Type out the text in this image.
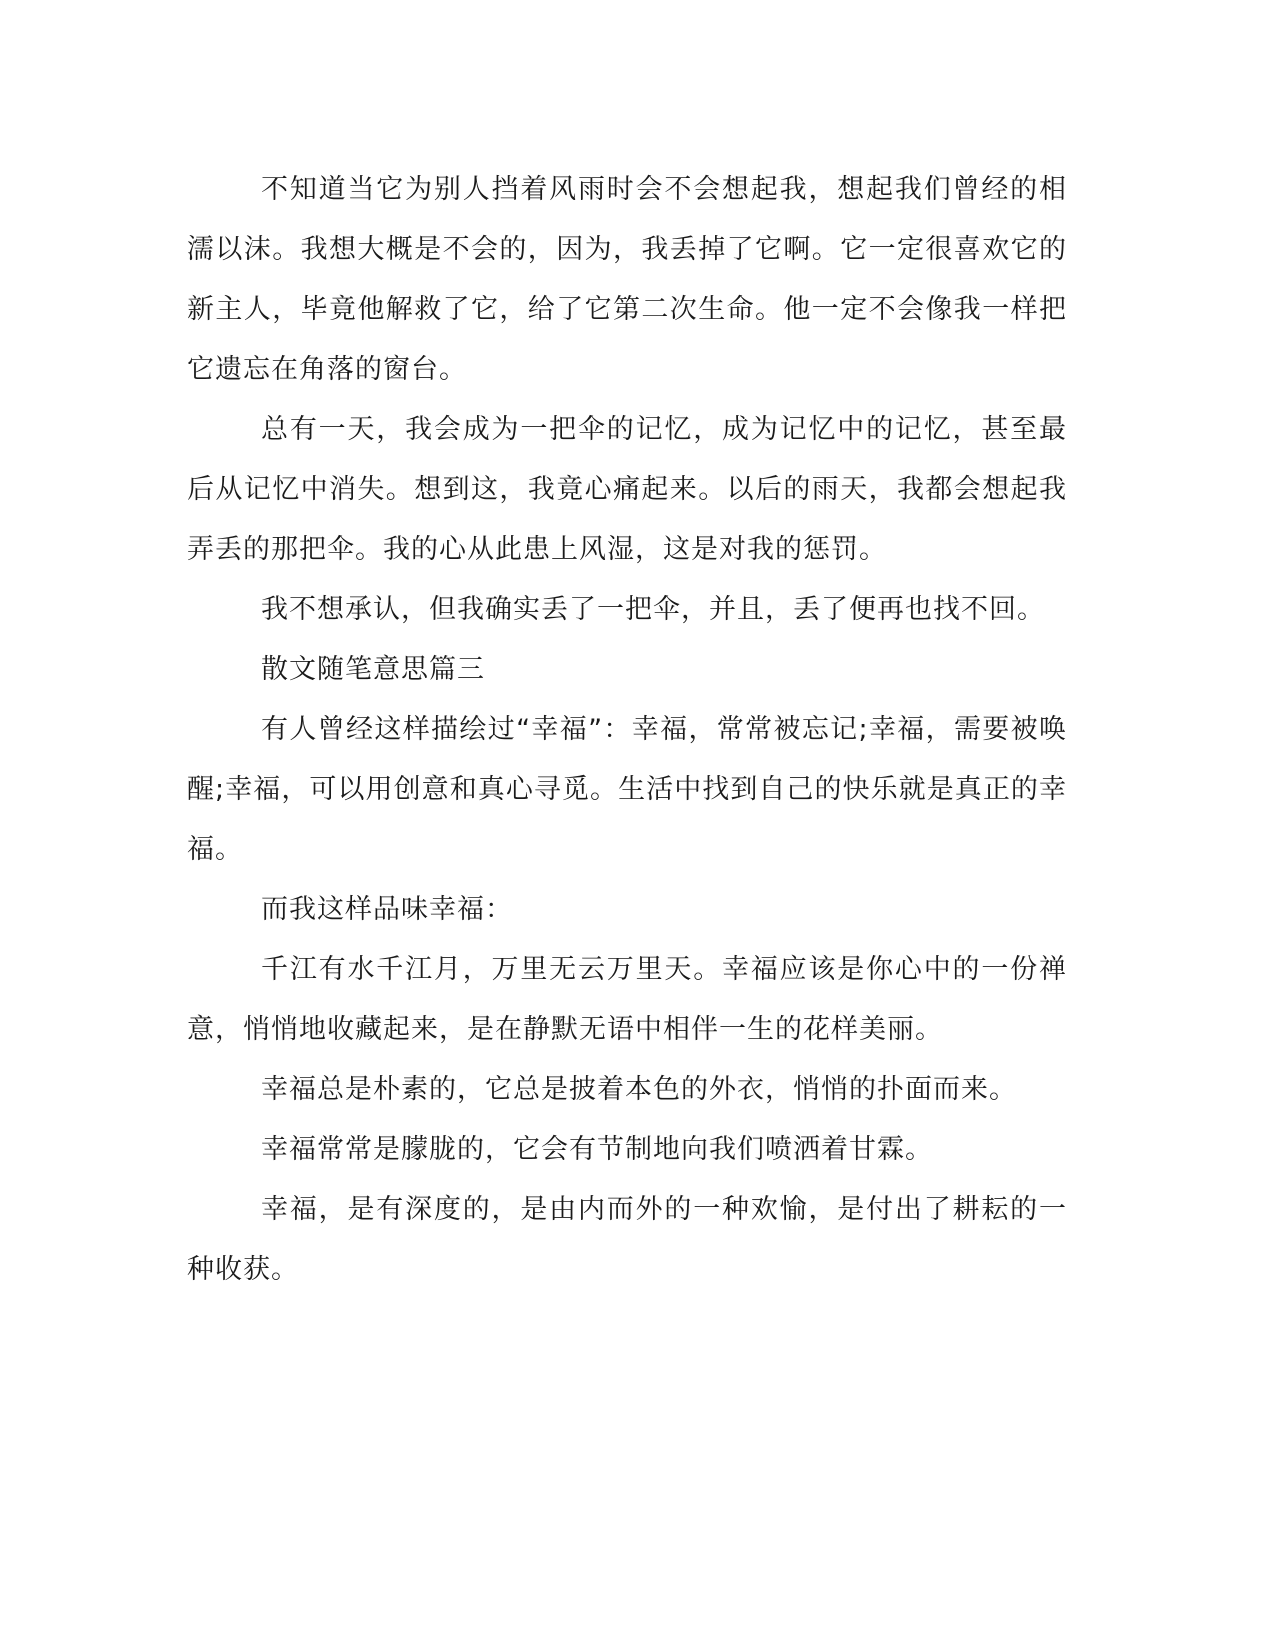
不知道当它为别人挡着风雨时会不会想起我，想起我们曾经的相濡以沫。我想大概是不会的，因为，我丢掉了它啊。它一定很喜欢它的新主人，毕竟他解救了它，给了它第二次生命。他一定不会像我一样把它遗忘在角落的窗台。

总有一天，我会成为一把伞的记忆，成为记忆中的记忆，甚至最后从记忆中消失。想到这，我竟心痛起来。以后的雨天，我都会想起我弄丢的那把伞。我的心从此患上风湿，这是对我的惩罚。

我不想承认，但我确实丢了一把伞，并且，丢了便再也找不回。

散文随笔意思篇三

有人曾经这样描绘过“幸福”：幸福，常常被忘记;幸福，需要被唤醒;幸福，可以用创意和真心寻觅。生活中找到自己的快乐就是真正的幸福。

而我这样品味幸福：

千江有水千江月，万里无云万里天。幸福应该是你心中的一份禅意，悄悄地收藏起来，是在静默无语中相伴一生的花样美丽。

幸福总是朴素的，它总是披着本色的外衣，悄悄的扑面而来。

幸福常常是朦胧的，它会有节制地向我们喷洒着甘霖。

幸福，是有深度的，是由内而外的一种欢愉，是付出了耕耘的一种收获。
